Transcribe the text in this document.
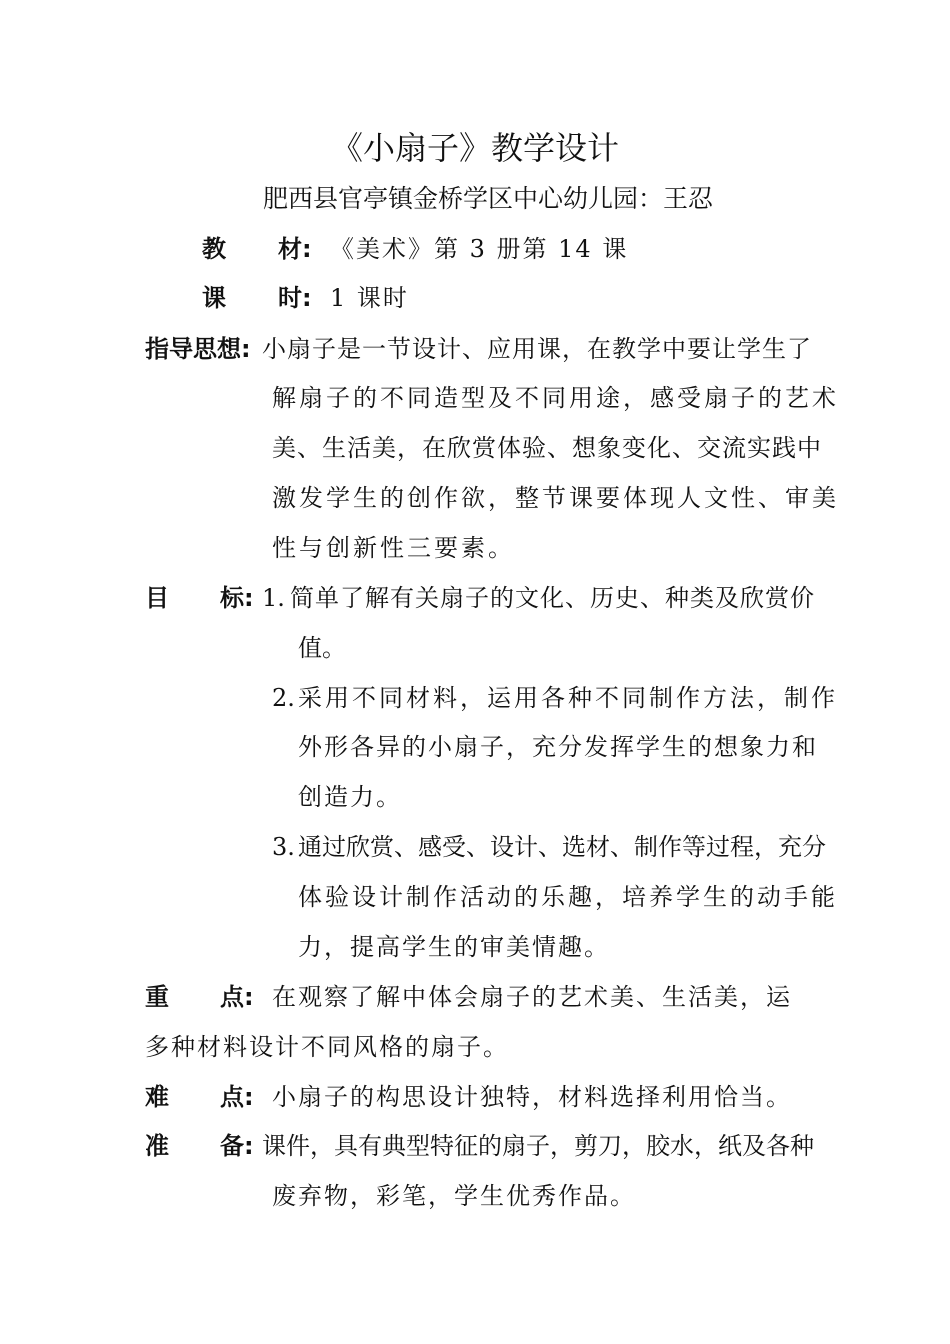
《小扇子》教学设计
肥西县官亭镇金桥学区中心幼儿园：王忍
教 材: 《美术》第 3 册第 14 课
课 时: 1 课时
指导思想: 小扇子是一节设计、应用课，在教学中要让学生了
解扇子的不同造型及不同用途，感受扇子的艺术
美、生活美，在欣赏体验、想象变化、交流实践中
激发学生的创作欲，整节课要体现人文性、审美
性与创新性三要素。
目 标: 1. 简单了解有关扇子的文化、历史、种类及欣赏价
值。
2. 采用不同材料，运用各种不同制作方法，制作
外形各异的小扇子，充分发挥学生的想象力和
创造力。
3. 通过欣赏、感受、设计、选材、制作等过程，充分
体验设计制作活动的乐趣，培养学生的动手能
力，提高学生的审美情趣。
重 点: 在观察了解中体会扇子的艺术美、生活美，运
多种材料设计不同风格的扇子。
难 点: 小扇子的构思设计独特，材料选择利用恰当。
准 备: 课件，具有典型特征的扇子，剪刀，胶水，纸及各种
废弃物，彩笔，学生优秀作品。
